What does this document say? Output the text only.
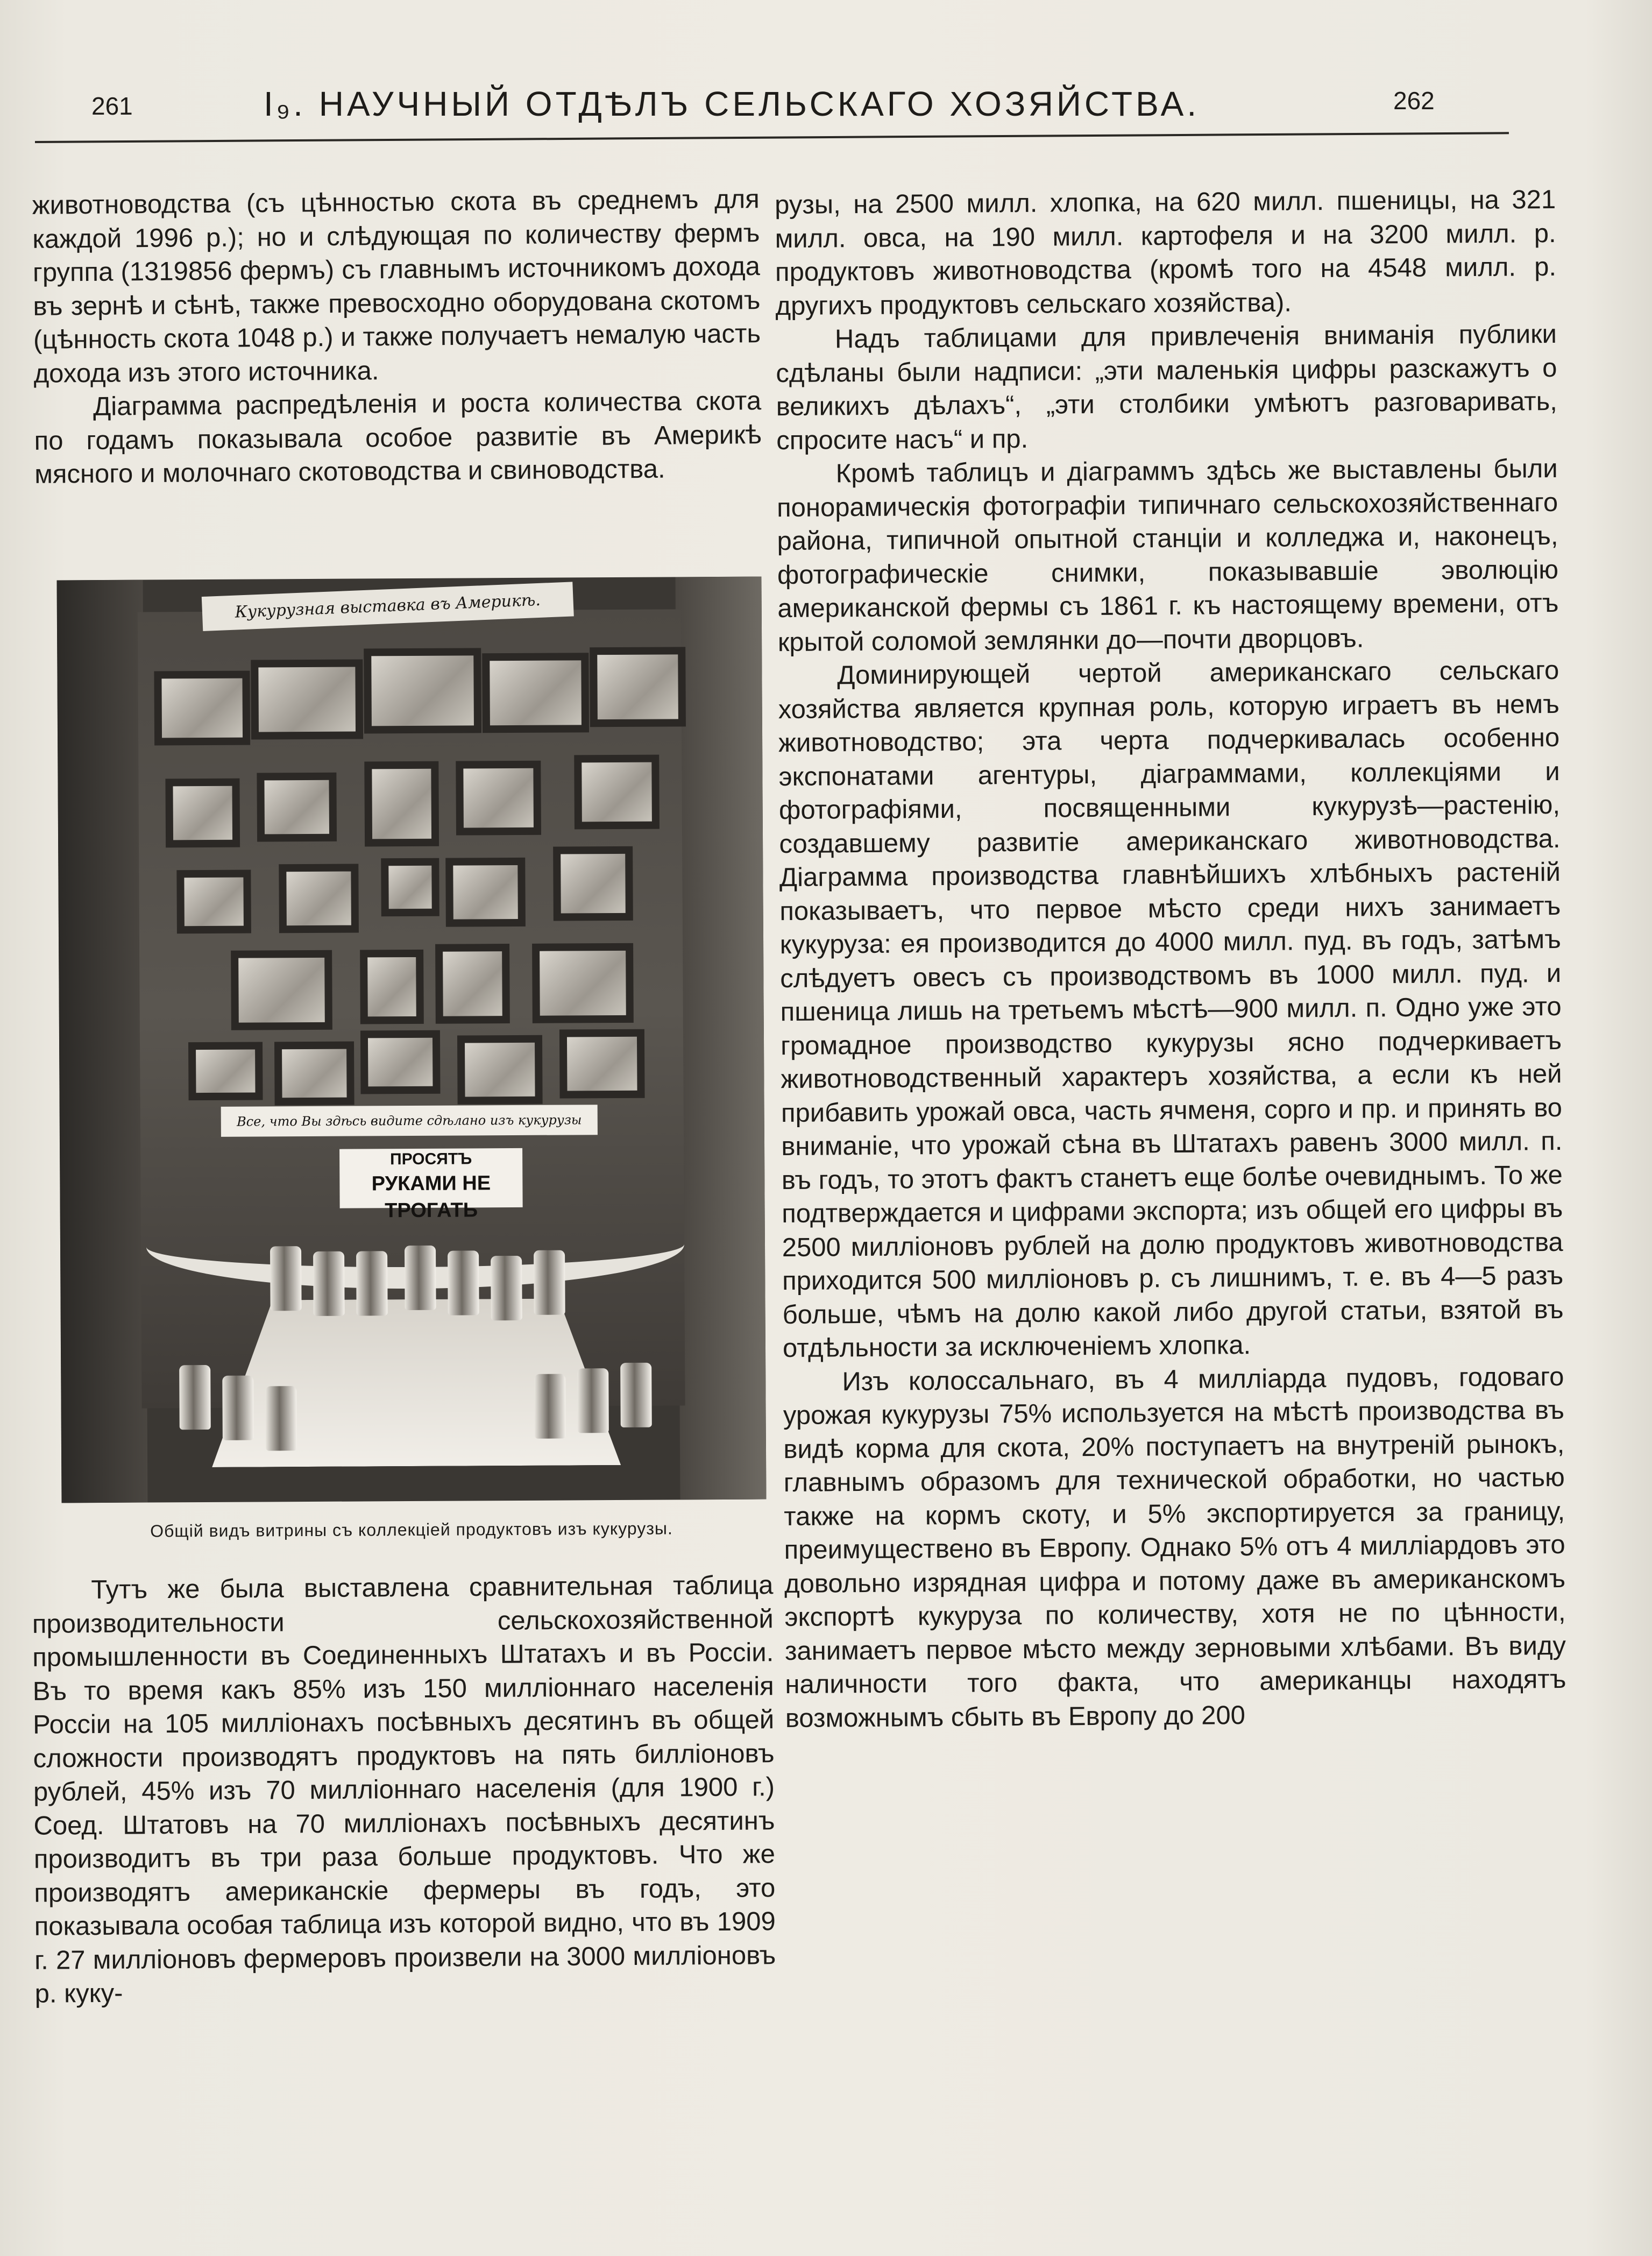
261	I₉. НАУЧНЫЙ ОТДѢЛЪ СЕЛЬСКАГО ХОЗЯЙСТВА.	262

животноводства (съ цѣнностью скота въ среднемъ для каждой 1996 р.); но и слѣдующая по количеству фермъ группа (1319856 фермъ) съ главнымъ источникомъ дохода въ зернѣ и сѣнѣ, также превосходно оборудована скотомъ (цѣнность скота 1048 р.) и также получаетъ немалую часть дохода изъ этого источника.

Діаграмма распредѣленія и роста количества скота по годамъ показывала особое развитіе въ Америкѣ мясного и молочнаго скотоводства и свиноводства.

Кукурузная выставка въ Америкѣ.
Все, что Вы здѣсь видите сдѣлано изъ кукурузы
ПРОСЯТЪ
РУКАМИ НЕ ТРОГАТЬ
Общій видъ витрины съ коллекціей продуктовъ изъ кукурузы.

Тутъ же была выставлена сравнительная таблица производительности сельскохозяйственной промышленности въ Соединенныхъ Штатахъ и въ Россіи. Въ то время какъ 85% изъ 150 милліоннаго населенія Россіи на 105 милліонахъ посѣвныхъ десятинъ въ общей сложности производятъ продуктовъ на пять билліоновъ рублей, 45% изъ 70 милліоннаго населенія (для 1900 г.) Соед. Штатовъ на 70 милліонахъ посѣвныхъ десятинъ производитъ въ три раза больше продуктовъ. Что же производятъ американскіе фермеры въ годъ, это показывала особая таблица изъ которой видно, что въ 1909 г. 27 милліоновъ фермеровъ произвели на 3000 милліоновъ р. куку-

рузы, на 2500 милл. хлопка, на 620 милл. пшеницы, на 321 милл. овса, на 190 милл. картофеля и на 3200 милл. р. продуктовъ животноводства (кромѣ того на 4548 милл. р. другихъ продуктовъ сельскаго хозяйства).

Надъ таблицами для привлеченія вниманія публики сдѣланы были надписи: „эти маленькія цифры разскажутъ о великихъ дѣлахъ“, „эти столбики умѣютъ разговаривать, спросите насъ“ и пр.

Кромѣ таблицъ и діаграммъ здѣсь же выставлены были понорамическія фотографіи типичнаго сельскохозяйственнаго района, типичной опытной станціи и колледжа и, наконецъ, фотографическіе снимки, показывавшіе эволюцію американской фермы съ 1861 г. къ настоящему времени, отъ крытой соломой землянки до—почти дворцовъ.

Доминирующей чертой американскаго сельскаго хозяйства является крупная роль, которую играетъ въ немъ животноводство; эта черта подчеркивалась особенно экспонатами агентуры, діаграммами, коллекціями и фотографіями, посвященными кукурузѣ—растенію, создавшему развитіе американскаго животноводства. Діаграмма производства главнѣйшихъ хлѣбныхъ растеній показываетъ, что первое мѣсто среди нихъ занимаетъ кукуруза: ея производится до 4000 милл. пуд. въ годъ, затѣмъ слѣдуетъ овесъ съ производствомъ въ 1000 милл. пуд. и пшеница лишь на третьемъ мѣстѣ—900 милл. п. Одно уже это громадное производство кукурузы ясно подчеркиваетъ животноводственный характеръ хозяйства, а если къ ней прибавить урожай овса, часть ячменя, сорго и пр. и принять во вниманіе, что урожай сѣна въ Штатахъ равенъ 3000 милл. п. въ годъ, то этотъ фактъ станетъ еще болѣе очевиднымъ. То же подтверждается и цифрами экспорта; изъ общей его цифры въ 2500 милліоновъ рублей на долю продуктовъ животноводства приходится 500 милліоновъ р. съ лишнимъ, т. е. въ 4—5 разъ больше, чѣмъ на долю какой либо другой статьи, взятой въ отдѣльности за исключеніемъ хлопка.

Изъ колоссальнаго, въ 4 милліарда пудовъ, годоваго урожая кукурузы 75% используется на мѣстѣ производства въ видѣ корма для скота, 20% поступаетъ на внутреній рынокъ, главнымъ образомъ для технической обработки, но частью также на кормъ скоту, и 5% экспортируется за границу, преимуществено въ Европу. Однако 5% отъ 4 милліардовъ это довольно изрядная цифра и потому даже въ американскомъ экспортѣ кукуруза по количеству, хотя не по цѣнности, занимаетъ первое мѣсто между зерновыми хлѣбами. Въ виду наличности того факта, что американцы находятъ возможнымъ сбыть въ Европу до 200
